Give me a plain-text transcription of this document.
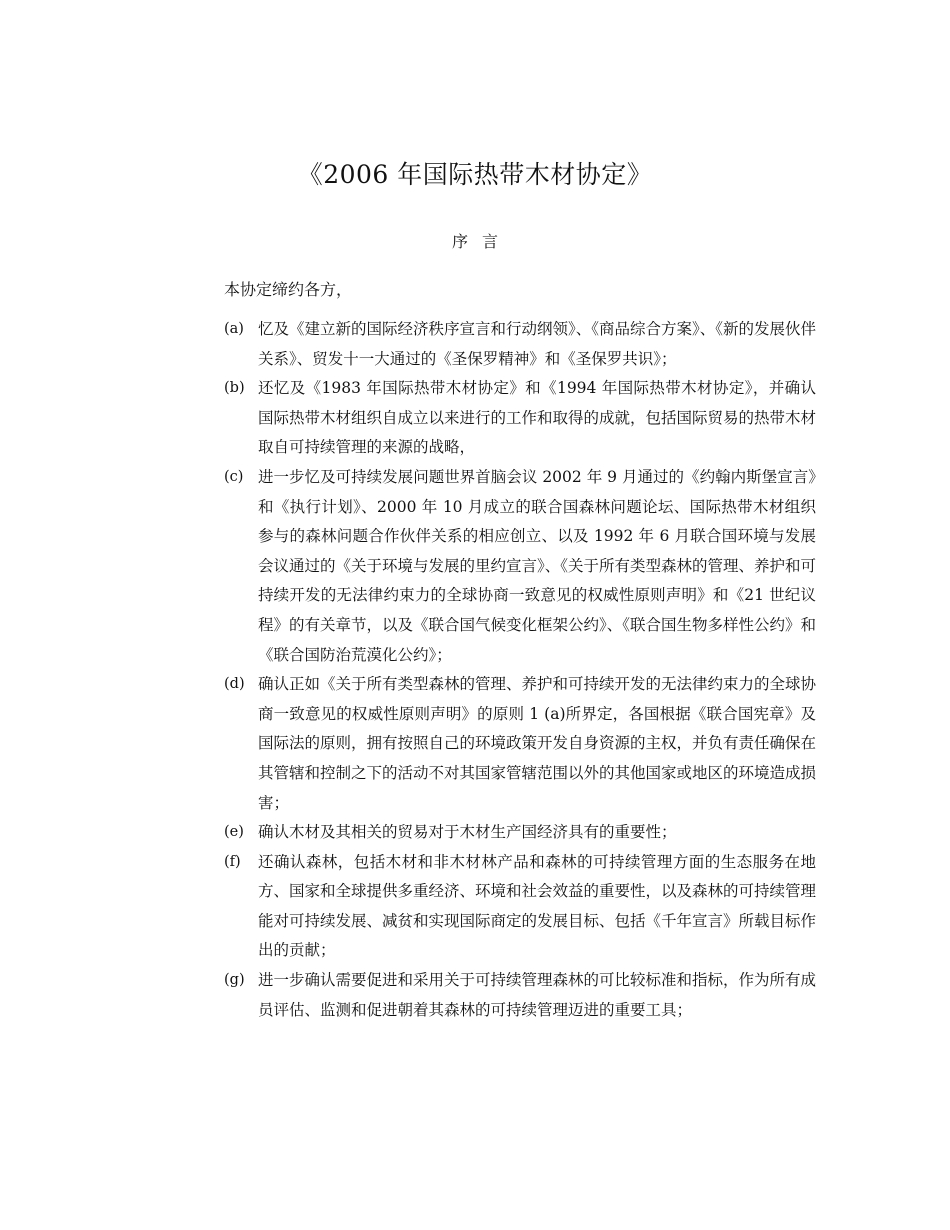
《2006 年国际热带木材协定》
序言

本协定缔约各方，

(a) 忆及《建立新的国际经济秩序宣言和行动纲领》、《商品综合方案》、《新的发展伙伴关系》、贸发十一大通过的《圣保罗精神》和《圣保罗共识》；
(b) 还忆及《1983 年国际热带木材协定》和《1994 年国际热带木材协定》，并确认国际热带木材组织自成立以来进行的工作和取得的成就，包括国际贸易的热带木材取自可持续管理的来源的战略，
(c) 进一步忆及可持续发展问题世界首脑会议 2002 年 9 月通过的《约翰内斯堡宣言》和《执行计划》、2000 年 10 月成立的联合国森林问题论坛、国际热带木材组织参与的森林问题合作伙伴关系的相应创立、以及 1992 年 6 月联合国环境与发展会议通过的《关于环境与发展的里约宣言》、《关于所有类型森林的管理、养护和可持续开发的无法律约束力的全球协商一致意见的权威性原则声明》和《21 世纪议程》的有关章节，以及《联合国气候变化框架公约》、《联合国生物多样性公约》和《联合国防治荒漠化公约》；
(d) 确认正如《关于所有类型森林的管理、养护和可持续开发的无法律约束力的全球协商一致意见的权威性原则声明》的原则 1 (a)所界定，各国根据《联合国宪章》及国际法的原则，拥有按照自己的环境政策开发自身资源的主权，并负有责任确保在其管辖和控制之下的活动不对其国家管辖范围以外的其他国家或地区的环境造成损害；
(e) 确认木材及其相关的贸易对于木材生产国经济具有的重要性；
(f)	还确认森林，包括木材和非木材林产品和森林的可持续管理方面的生态服务在地方、国家和全球提供多重经济、环境和社会效益的重要性，以及森林的可持续管理能对可持续发展、减贫和实现国际商定的发展目标、包括《千年宣言》所载目标作出的贡献；
(g) 进一步确认需要促进和采用关于可持续管理森林的可比较标准和指标，作为所有成员评估、监测和促进朝着其森林的可持续管理迈进的重要工具；
